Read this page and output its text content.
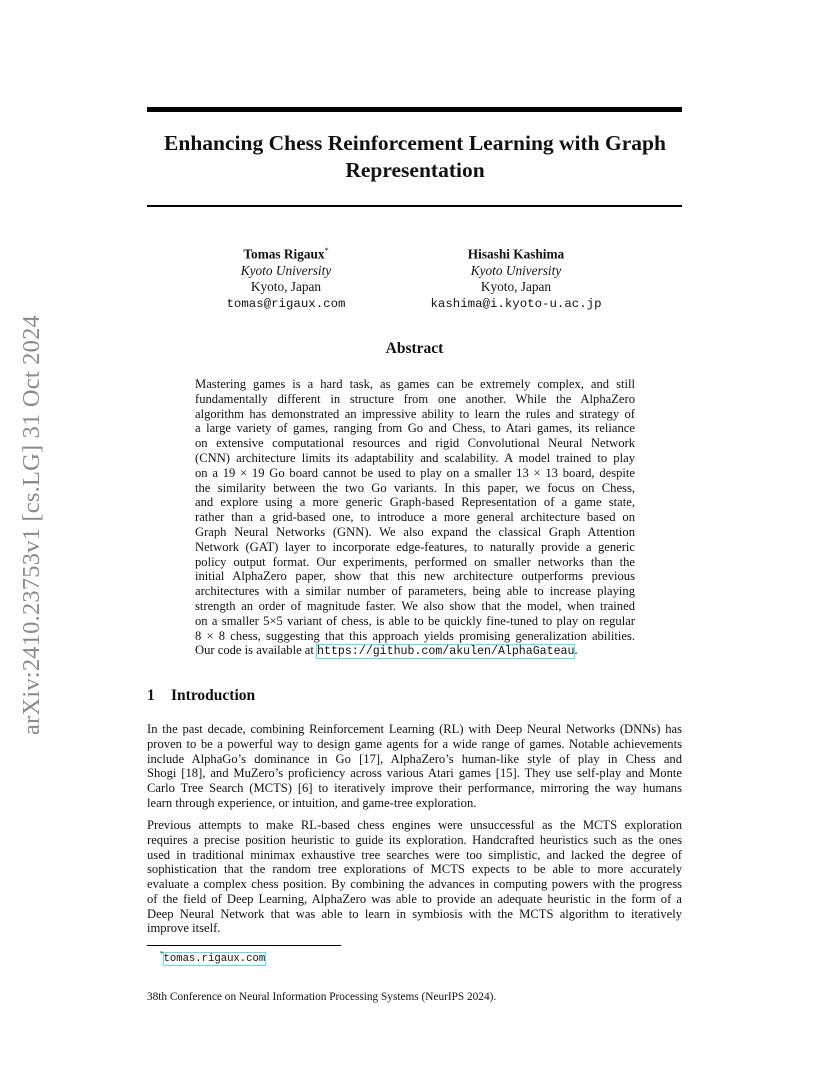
arXiv:2410.23753v1 [cs.LG] 31 Oct 2024
Enhancing Chess Reinforcement Learning with Graph
Representation
Tomas Rigaux*
Kyoto University
Kyoto, Japan
tomas@rigaux.com
Hisashi Kashima
Kyoto University
Kyoto, Japan
kashima@i.kyoto-u.ac.jp
Abstract
Mastering games is a hard task, as games can be extremely complex, and still
fundamentally different in structure from one another. While the AlphaZero
algorithm has demonstrated an impressive ability to learn the rules and strategy of
a large variety of games, ranging from Go and Chess, to Atari games, its reliance
on extensive computational resources and rigid Convolutional Neural Network
(CNN) architecture limits its adaptability and scalability. A model trained to play
on a 19 × 19 Go board cannot be used to play on a smaller 13 × 13 board, despite
the similarity between the two Go variants. In this paper, we focus on Chess,
and explore using a more generic Graph-based Representation of a game state,
rather than a grid-based one, to introduce a more general architecture based on
Graph Neural Networks (GNN). We also expand the classical Graph Attention
Network (GAT) layer to incorporate edge-features, to naturally provide a generic
policy output format. Our experiments, performed on smaller networks than the
initial AlphaZero paper, show that this new architecture outperforms previous
architectures with a similar number of parameters, being able to increase playing
strength an order of magnitude faster. We also show that the model, when trained
on a smaller 5×5 variant of chess, is able to be quickly fine-tuned to play on regular
8 × 8 chess, suggesting that this approach yields promising generalization abilities.
Our code is available at https://github.com/akulen/AlphaGateau.
1 Introduction
In the past decade, combining Reinforcement Learning (RL) with Deep Neural Networks (DNNs) has
proven to be a powerful way to design game agents for a wide range of games. Notable achievements
include AlphaGo’s dominance in Go [17], AlphaZero’s human-like style of play in Chess and
Shogi [18], and MuZero’s proficiency across various Atari games [15]. They use self-play and Monte
Carlo Tree Search (MCTS) [6] to iteratively improve their performance, mirroring the way humans
learn through experience, or intuition, and game-tree exploration.
Previous attempts to make RL-based chess engines were unsuccessful as the MCTS exploration
requires a precise position heuristic to guide its exploration. Handcrafted heuristics such as the ones
used in traditional minimax exhaustive tree searches were too simplistic, and lacked the degree of
sophistication that the random tree explorations of MCTS expects to be able to more accurately
evaluate a complex chess position. By combining the advances in computing powers with the progress
of the field of Deep Learning, AlphaZero was able to provide an adequate heuristic in the form of a
Deep Neural Network that was able to learn in symbiosis with the MCTS algorithm to iteratively
improve itself.
*tomas.rigaux.com
38th Conference on Neural Information Processing Systems (NeurIPS 2024).
